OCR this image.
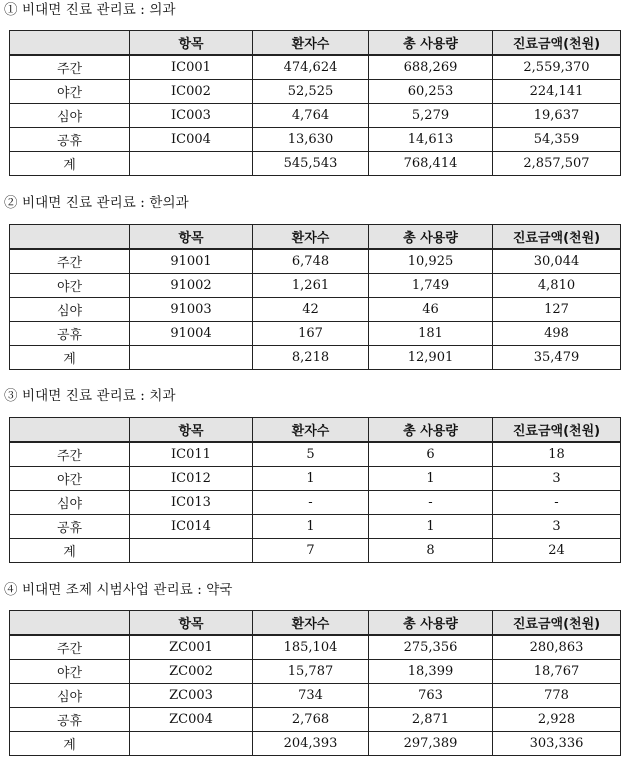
① 비대면 진료 관리료 : 의과
	항목	환자수	총 사용량	진료금액(천원)
주간	IC001	474,624	688,269	2,559,370
야간	IC002	52,525	60,253	224,141
심야	IC003	4,764	5,279	19,637
공휴	IC004	13,630	14,613	54,359
계		545,543	768,414	2,857,507
② 비대면 진료 관리료 : 한의과
	항목	환자수	총 사용량	진료금액(천원)
주간	91001	6,748	10,925	30,044
야간	91002	1,261	1,749	4,810
심야	91003	42	46	127
공휴	91004	167	181	498
계		8,218	12,901	35,479
③ 비대면 진료 관리료 : 치과
	항목	환자수	총 사용량	진료금액(천원)
주간	IC011	5	6	18
야간	IC012	1	1	3
심야	IC013	-	-	-
공휴	IC014	1	1	3
계		7	8	24
④ 비대면 조제 시범사업 관리료 : 약국
	항목	환자수	총 사용량	진료금액(천원)
주간	ZC001	185,104	275,356	280,863
야간	ZC002	15,787	18,399	18,767
심야	ZC003	734	763	778
공휴	ZC004	2,768	2,871	2,928
계		204,393	297,389	303,336
